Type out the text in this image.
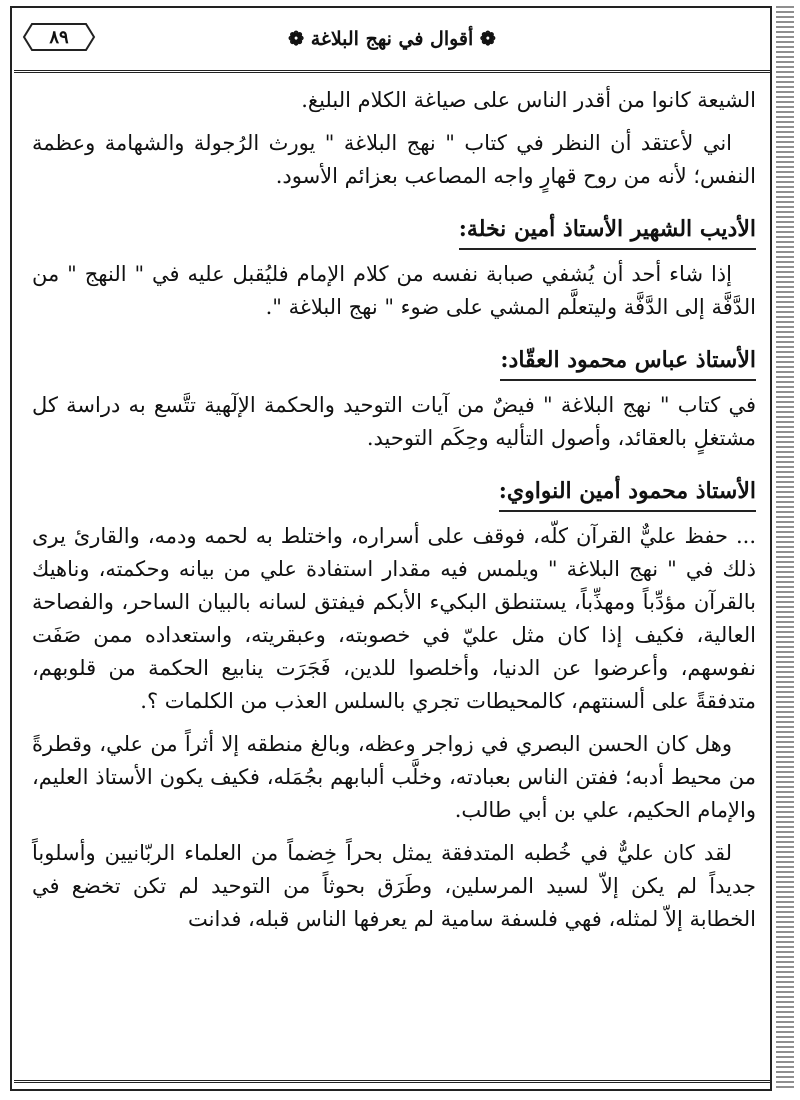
٨٩	❁ أقوال في نهج البلاغة ❁

الشيعة كانوا من أقدر الناس على صياغة الكلام البليغ.

اني لأعتقد أن النظر في كتاب " نهج البلاغة " يورث الرُجولة والشهامة وعظمة النفس؛ لأنه من روح قهارٍ واجه المصاعب بعزائم الأسود.

الأديب الشهير الأستاذ أمين نخلة:

إذا شاء أحد أن يُشفي صبابة نفسه من كلام الإمام فليُقبل عليه في " النهج " من الدَّفَّة إلى الدَّفَّة وليتعلَّم المشي على ضوء " نهج البلاغة ".

الأستاذ عباس محمود العقّاد:

في كتاب " نهج البلاغة " فيضٌ من آيات التوحيد والحكمة الإلٓهية تتَّسع به دراسة كل مشتغلٍ بالعقائد، وأصول التأليه وحِكَم التوحيد.

الأستاذ محمود أمين النواوي:

... حفظ عليٌّ القرآن كلّه، فوقف على أسراره، واختلط به لحمه ودمه، والقارئ يرى ذلك في " نهج البلاغة " ويلمس فيه مقدار استفادة علي من بيانه وحكمته، وناهيك بالقرآن مؤدِّباً ومهذِّباً، يستنطق البكيء الأبكم فيفتق لسانه بالبيان الساحر، والفصاحة العالية، فكيف إذا كان مثل عليّ في خصوبته، وعبقريته، واستعداده ممن صَفَت نفوسهم، وأعرضوا عن الدنيا، وأخلصوا للدين، فَجَرَت ينابيع الحكمة من قلوبهم، متدفقةً على ألسنتهم، كالمحيطات تجري بالسلس العذب من الكلمات ؟.

وهل كان الحسن البصري في زواجر وعظه، وبالغ منطقه إلا أثراً من علي، وقطرةً من محيط أدبه؛ ففتن الناس بعبادته، وخلَّب ألبابهم بجُمَله، فكيف يكون الأستاذ العليم، والإمام الحكيم، علي بن أبي طالب.

لقد كان عليٌّ في خُطبه المتدفقة يمثل بحراً خِضماً من العلماء الربّانيين وأسلوباً جديداً لم يكن إلاّ لسيد المرسلين، وطَرَق بحوثاً من التوحيد لم تكن تخضع في الخطابة إلاّ لمثله، فهي فلسفة سامية لم يعرفها الناس قبله، فدانت
